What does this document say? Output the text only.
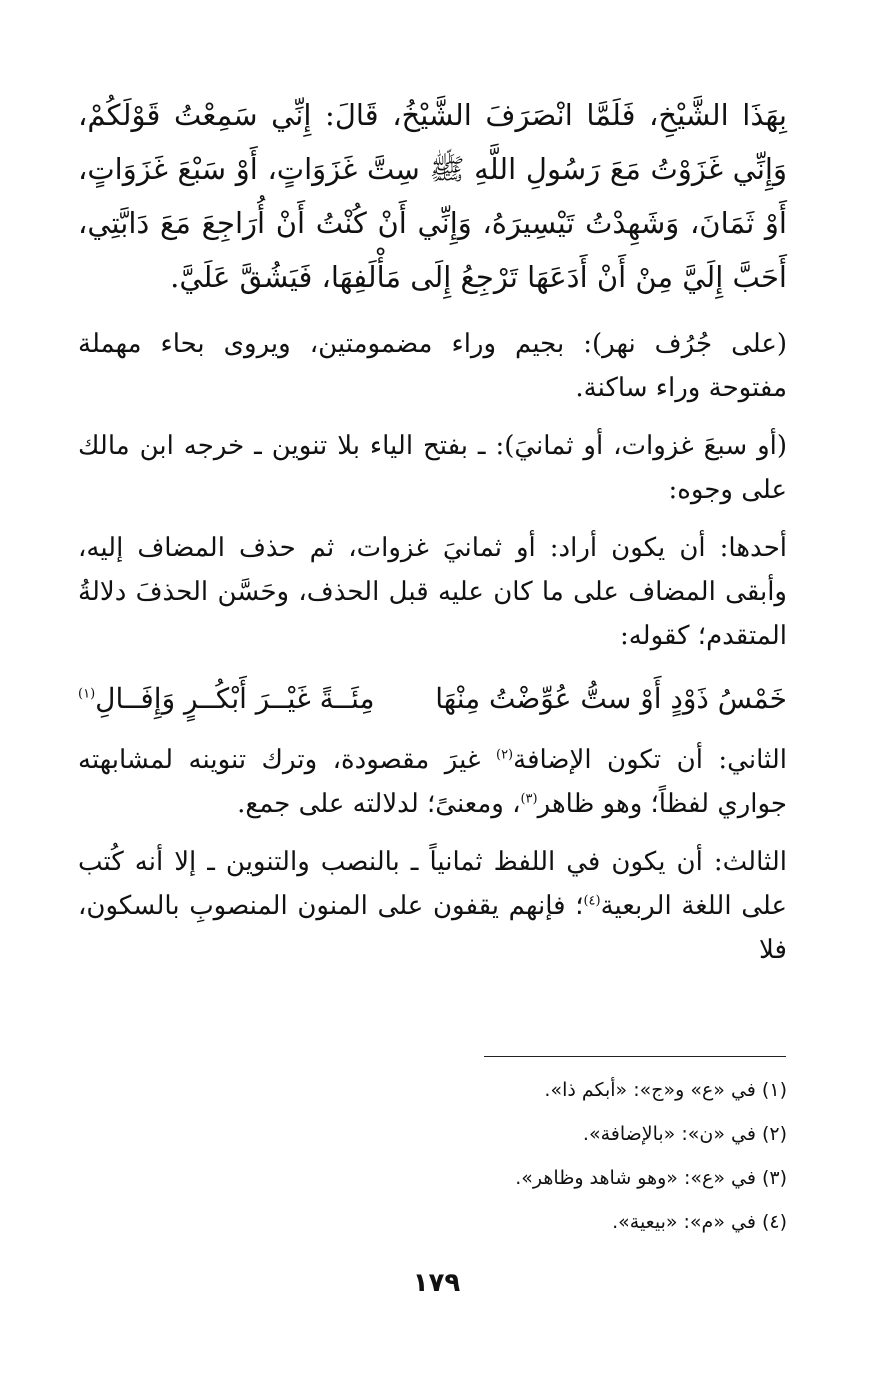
بِهَذَا الشَّيْخِ، فَلَمَّا انْصَرَفَ الشَّيْخُ، قَالَ: إِنِّي سَمِعْتُ قَوْلَكُمْ، وَإِنِّي غَزَوْتُ مَعَ رَسُولِ اللَّهِ ﷺ سِتَّ غَزَوَاتٍ، أَوْ سَبْعَ غَزَوَاتٍ، أَوْ ثَمَانَ، وَشَهِدْتُ تَيْسِيرَهُ، وَإِنِّي أَنْ كُنْتُ أَنْ أُرَاجِعَ مَعَ دَابَّتِي، أَحَبَّ إِلَيَّ مِنْ أَنْ أَدَعَهَا تَرْجِعُ إِلَى مَأْلَفِهَا، فَيَشُقَّ عَلَيَّ.

(على جُرُف نهر): بجيم وراء مضمومتين، ويروى بحاء مهملة مفتوحة وراء ساكنة.

(أو سبعَ غزوات، أو ثمانيَ): ـ بفتح الياء بلا تنوين ـ خرجه ابن مالك على وجوه:

أحدها: أن يكون أراد: أو ثمانيَ غزوات، ثم حذف المضاف إليه، وأبقى المضاف على ما كان عليه قبل الحذف، وحَسَّن الحذفَ دلالةُ المتقدم؛ كقوله:

خَمْسُ ذَوْدٍ أَوْ ستُّ عُوِّضْتُ مِنْهَا
مِئَــةً غَيْــرَ أَبْكُــرٍ وَإِفَــالِ$^{(١)}$

الثاني: أن تكون الإضافة$^{(٢)}$ غيرَ مقصودة، وترك تنوينه لمشابهته جواري لفظاً؛ وهو ظاهر$^{(٣)}$، ومعنىً؛ لدلالته على جمع.

الثالث: أن يكون في اللفظ ثمانياً ـ بالنصب والتنوين ـ إلا أنه كُتب على اللغة الربعية$^{(٤)}$؛ فإنهم يقفون على المنون المنصوبِ بالسكون، فلا

(١) في «ع» و«ج»: «أبكم ذا».

(٢) في «ن»: «بالإضافة».

(٣) في «ع»: «وهو شاهد وظاهر».

(٤) في «م»: «بيعية».

١٧٩
